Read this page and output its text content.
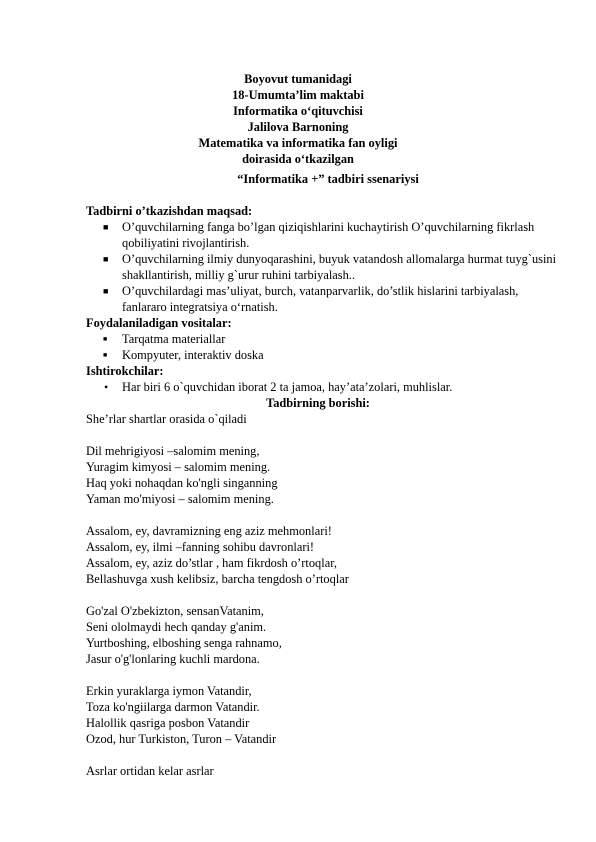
Boyovut tumanidagi
18-Umumta’lim maktabi
Informatika o‘qituvchisi
Jalilova Barnoning
Matematika va informatika fan oyligi
doirasida o‘tkazilgan
“Informatika +” tadbiri ssenariysi
Tadbirni o’tkazishdan maqsad:
■ O’quvchilarning fanga bo’lgan qiziqishlarini kuchaytirish O’quvchilarning fikrlash qobiliyatini rivojlantirish.
■ O’quvchilarning ilmiy dunyoqarashini, buyuk vatandosh allomalarga hurmat tuyg`usini shakllantirish, milliy g`urur ruhini tarbiyalash..
■ O’quvchilardagi mas’uliyat, burch, vatanparvarlik, do’stlik hislarini tarbiyalash, fanlararo integratsiya o‘rnatish.
Foydalaniladigan vositalar:
■ Tarqatma materiallar
■ Kompyuter, interaktiv doska
Ishtirokchilar:
• Har biri 6 o`quvchidan iborat 2 ta jamoa, hay’ata’zolari, muhlislar.
Tadbirning borishi:
She’rlar shartlar orasida o`qiladi
Dil mehrigiyosi –salomim mening,
Yuragim kimyosi – salomim mening.
Haq yoki nohaqdan ko'ngli singanning
Yaman mo'miyosi – salomim mening.
Assalom, ey, davramizning eng aziz mehmonlari!
Assalom, ey, ilmi –fanning sohibu davronlari!
Assalom, ey, aziz do’stlar , ham fikrdosh o’rtoqlar,
Bellashuvga xush kelibsiz, barcha tengdosh o’rtoqlar
Go'zal O'zbekizton, sensanVatanim,
Seni ololmaydi hech qanday g'anim.
Yurtboshing, elboshing senga rahnamo,
Jasur o'g'lonlaring kuchli mardona.
Erkin yuraklarga iymon Vatandir,
Toza ko'ngiilarga darmon Vatandir.
Halollik qasriga posbon Vatandir
Ozod, hur Turkiston, Turon – Vatandir
Asrlar ortidan kelar asrlar
